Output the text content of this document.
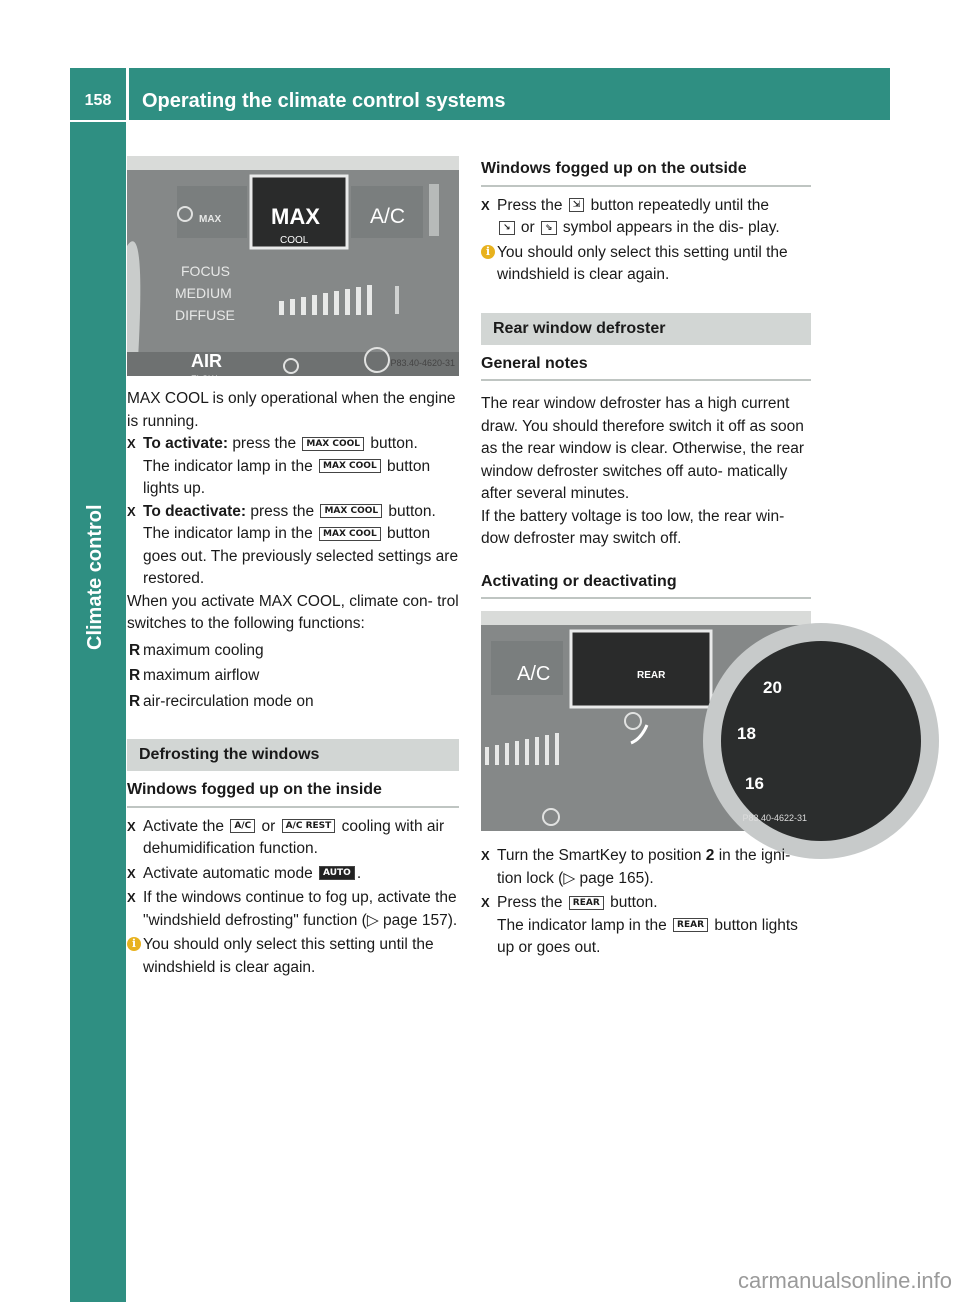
158	Operating the climate control systems
Climate control
MAX MAX
COOL
A/C
FOCUS
MEDIUM
DIFFUSE
AIR
FLOW
P83.40-4620-31

MAX COOL is only operational when the engine is running.

X To activate: press the MAX COOL button.
The indicator lamp in the MAX COOL button lights up.
X To deactivate: press the MAX COOL button.
The indicator lamp in the MAX COOL button goes out. The previously selected settings are restored.

When you activate MAX COOL, climate con- trol switches to the following functions:

R maximum cooling
R maximum airflow
R air-recirculation mode on
Defrosting the windows
Windows fogged up on the inside
X Activate the A/C or A/C REST cooling with air dehumidification function.
X Activate automatic mode AUTO .
X If the windows continue to fog up, activate the "windshield defrosting" function (▷ page 157).
i You should only select this setting until the windshield is clear again.
Windows fogged up on the outside
X Press the ⇲ button repeatedly until the
↘ or ⇘ symbol appears in the dis- play.
i You should only select this setting until the windshield is clear again.
Rear window defroster
General notes

The rear window defroster has a high current draw. You should therefore switch it off as soon as the rear window is clear. Otherwise, the rear window defroster switches off auto- matically after several minutes.

If the battery voltage is too low, the rear win- dow defroster may switch off.

Activating or deactivating
A/C	REAR
20
18
16
P83.40-4622-31
X Turn the SmartKey to position 2 in the igni- tion lock (▷ page 165).
X Press the REAR button.
The indicator lamp in the REAR button lights up or goes out.
carmanualsonline.info
